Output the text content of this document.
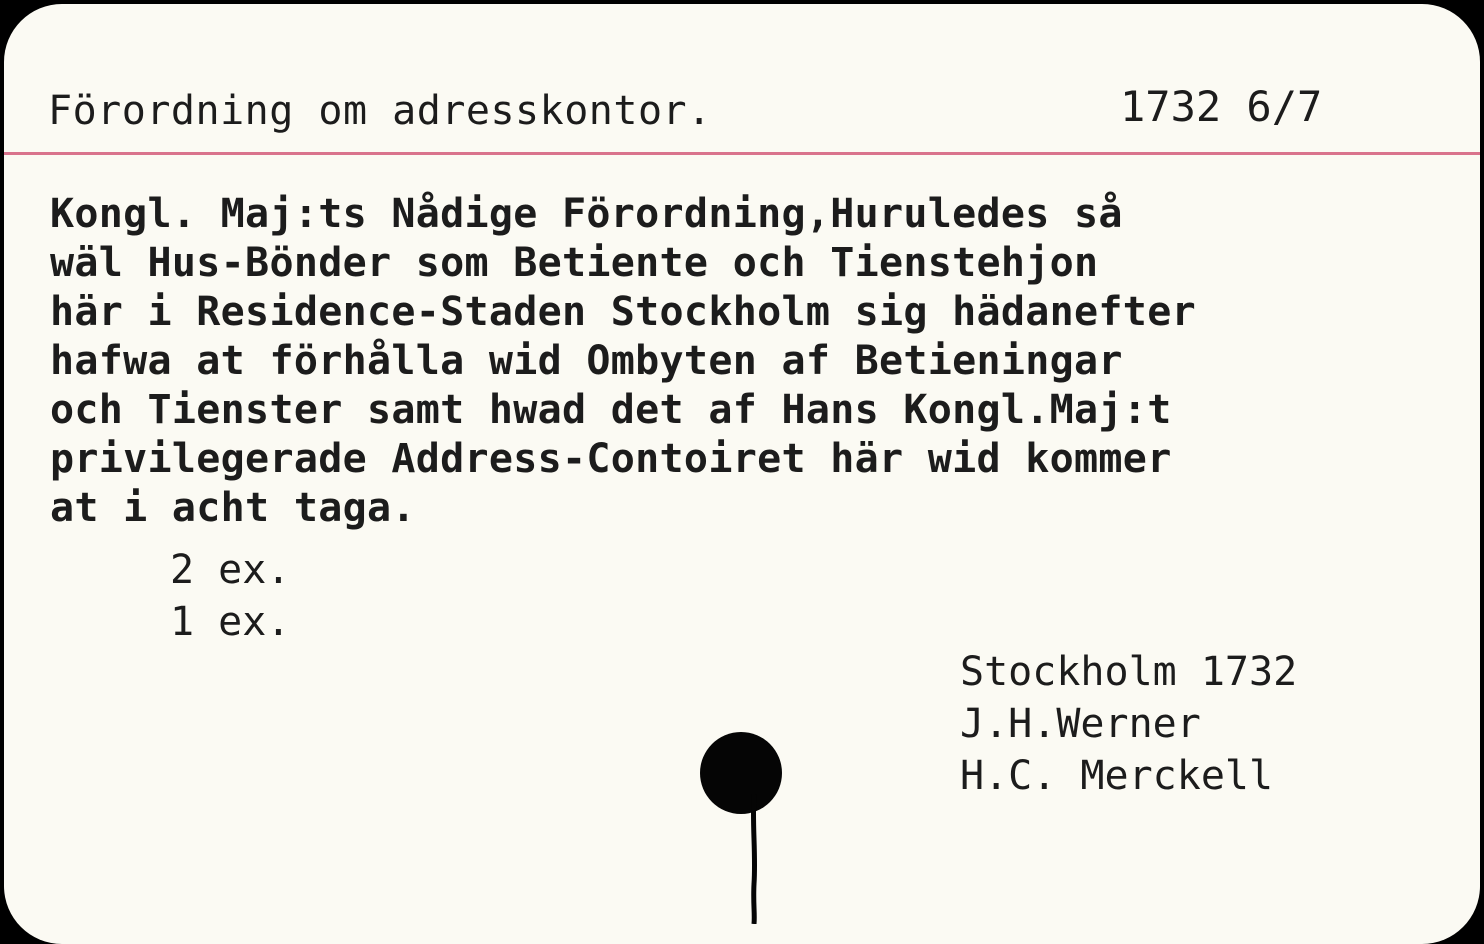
Förordning om adresskontor.	1732 6/7
Kongl. Maj:ts Nådige Förordning,Huruledes så
wäl Hus-Bönder som Betiente och Tienstehjon
här i Residence-Staden Stockholm sig hädanefter
hafwa at förhålla wid Ombyten af Betieningar
och Tienster samt hwad det af Hans Kongl.Maj:t
privilegerade Address-Contoiret här wid kommer
at i acht taga.
2 ex.
1 ex.
Stockholm 1732
J.H.Werner
H.C. Merckell
